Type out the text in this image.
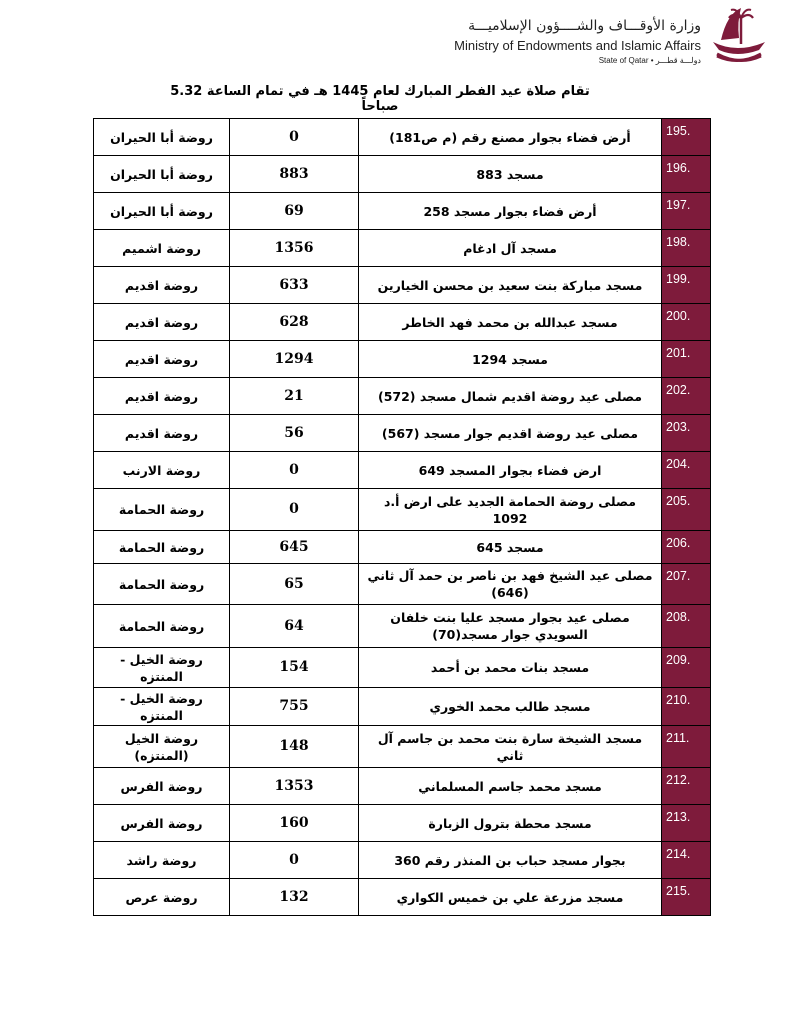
وزارة الأوقـــاف والشــــؤون الإسلاميـــة
Ministry of Endowments and Islamic Affairs
State of Qatar • دولـــة قطـــر
تقام صلاة عيد الفطر المبارك لعام 1445 هـ في تمام الساعة 5.32 صباحاً
195.	أرض فضاء بجوار مصنع رقم (م ص181)	0	روضة أبا الحيران
196.	مسجد 883	883	روضة أبا الحيران
197.	أرض فضاء بجوار مسجد 258	69	روضة أبا الحيران
198.	مسجد آل ادغام	1356	روضة اشميم
199.	مسجد مباركة بنت سعيد بن محسن الخيارين	633	روضة اقديم
200.	مسجد عبدالله بن محمد فهد الخاطر	628	روضة اقديم
201.	مسجد 1294	1294	روضة اقديم
202.	مصلى عيد روضة اقديم شمال مسجد (572)	21	روضة اقديم
203.	مصلى عيد روضة اقديم جوار مسجد (567)	56	روضة اقديم
204.	ارض فضاء بجوار المسجد 649	0	روضة الارنب
205.	مصلى روضة الحمامة الجديد على ارض أ.د 1092	0	روضة الحمامة
206.	مسجد 645	645	روضة الحمامة
207.	مصلى عيد الشيخ فهد بن ناصر بن حمد آل ثاني (646)	65	روضة الحمامة
208.	مصلى عيد بجوار مسجد عليا بنت خلفان السويدي جوار مسجد(70)	64	روضة الحمامة
209.	مسجد بنات محمد بن أحمد	154	روضة الخيل - المنتزه
210.	مسجد طالب محمد الخوري	755	روضة الخيل - المنتزه
211.	مسجد الشيخة سارة بنت محمد بن جاسم آل ثاني	148	روضة الخيل (المنتزه)
212.	مسجد محمد جاسم المسلماني	1353	روضة الفرس
213.	مسجد محطة بترول الزبارة	160	روضة الفرس
214.	بجوار مسجد حباب بن المنذر رقم 360	0	روضة راشد
215.	مسجد مزرعة علي بن خميس الكواري	132	روضة عرص
